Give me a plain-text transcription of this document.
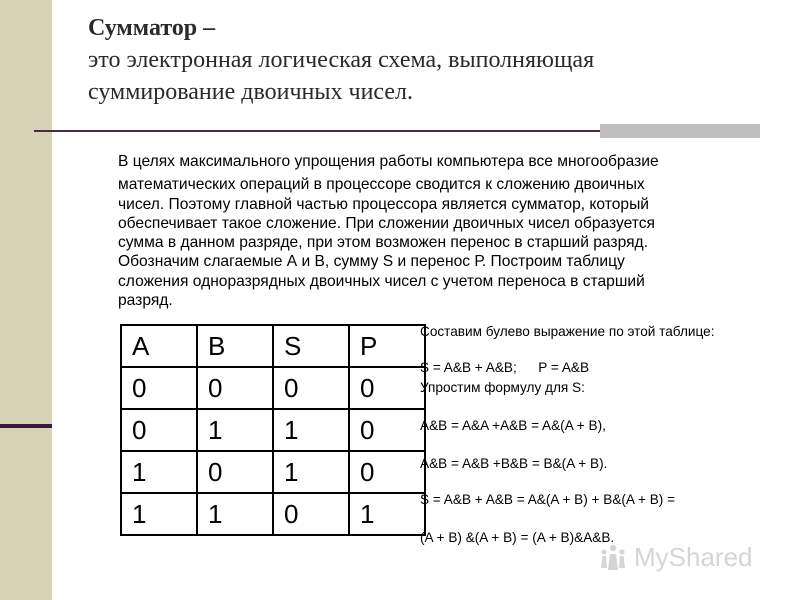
Сумматор –
это электронная логическая схема, выполняющая
суммирование двоичных чисел.
В целях максимального упрощения работы компьютера все многообразие
математических операций в процессоре сводится к сложению двоичных
чисел. Поэтому главной частью процессора является сумматор, который
обеспечивает такое сложение. При сложении двоичных чисел образуется
сумма в данном разряде, при этом возможен перенос в старший разряд.
Обозначим слагаемые А и В, сумму S и перенос Р. Построим таблицу
сложения одноразрядных двоичных чисел с учетом переноса в старший
разряд.
A	B	S	P
0	0	0	0
0	1	1	0
1	0	1	0
1	1	0	1
Составим булево выражение по этой таблице:
S = A&B + A&B; P = A&B
Упростим формулу для S:
A&B = A&A +A&B = A&(A + B),
A&B = A&B +B&B = B&(A + B).
S = A&B + A&B = A&(A + B) + B&(A + B) =
(A + B) &(A + B) = (A + B)&A&B.
MyShared
